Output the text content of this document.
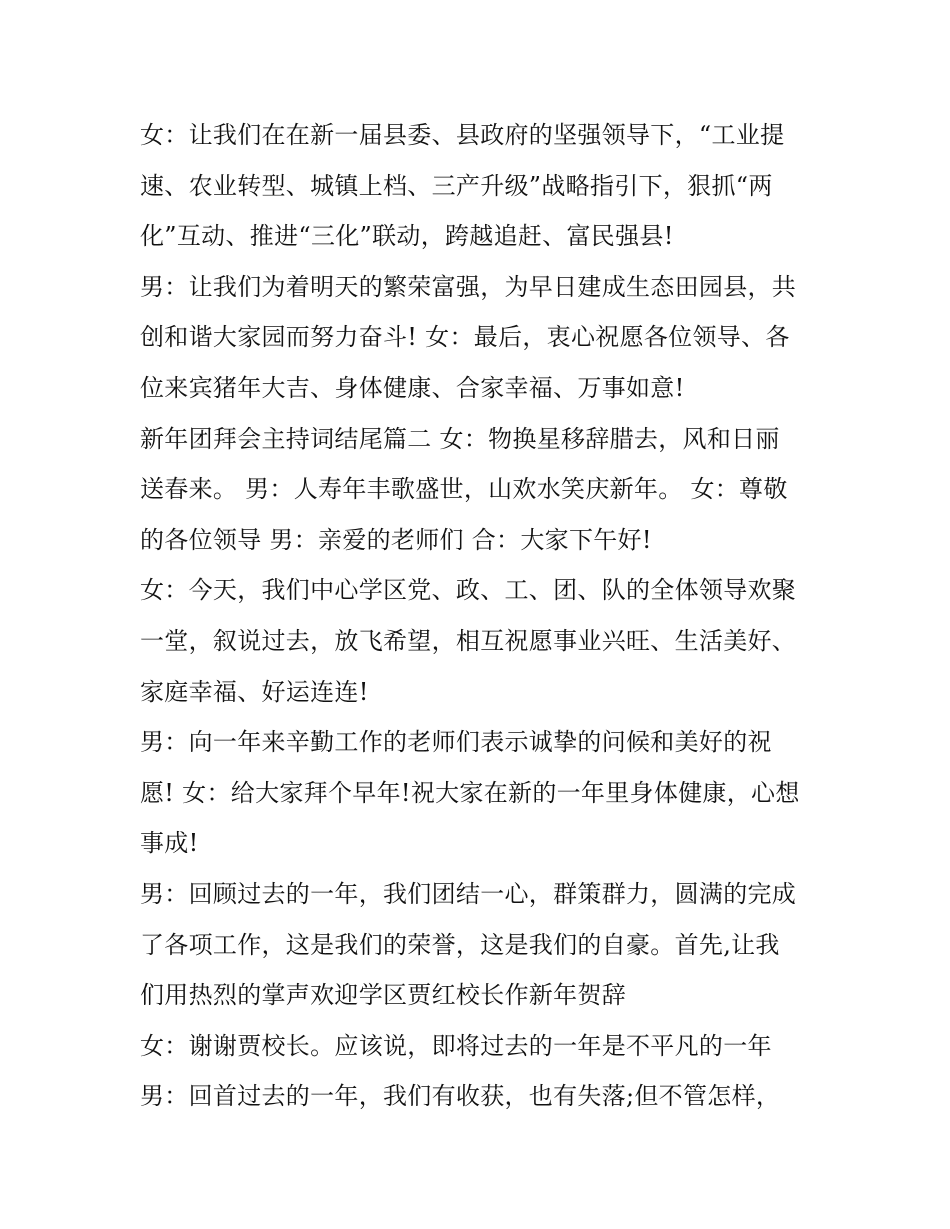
女：让我们在在新一届县委、县政府的坚强领导下，“工业提
速、农业转型、城镇上档、三产升级”战略指引下，狠抓“两
化”互动、推进“三化”联动，跨越追赶、富民强县!
男：让我们为着明天的繁荣富强，为早日建成生态田园县，共
创和谐大家园而努力奋斗! 女：最后，衷心祝愿各位领导、各
位来宾猪年大吉、身体健康、合家幸福、万事如意!
新年团拜会主持词结尾篇二 女：物换星移辞腊去，风和日丽
送春来。 男：人寿年丰歌盛世，山欢水笑庆新年。 女：尊敬
的各位领导 男：亲爱的老师们 合：大家下午好!
女：今天，我们中心学区党、政、工、团、队的全体领导欢聚
一堂，叙说过去，放飞希望，相互祝愿事业兴旺、生活美好、
家庭幸福、好运连连!
男：向一年来辛勤工作的老师们表示诚挚的问候和美好的祝
愿! 女：给大家拜个早年!祝大家在新的一年里身体健康，心想
事成!
男：回顾过去的一年，我们团结一心，群策群力，圆满的完成
了各项工作，这是我们的荣誉，这是我们的自豪。首先,让我
们用热烈的掌声欢迎学区贾红校长作新年贺辞
女：谢谢贾校长。应该说，即将过去的一年是不平凡的一年
男：回首过去的一年，我们有收获，也有失落;但不管怎样，
